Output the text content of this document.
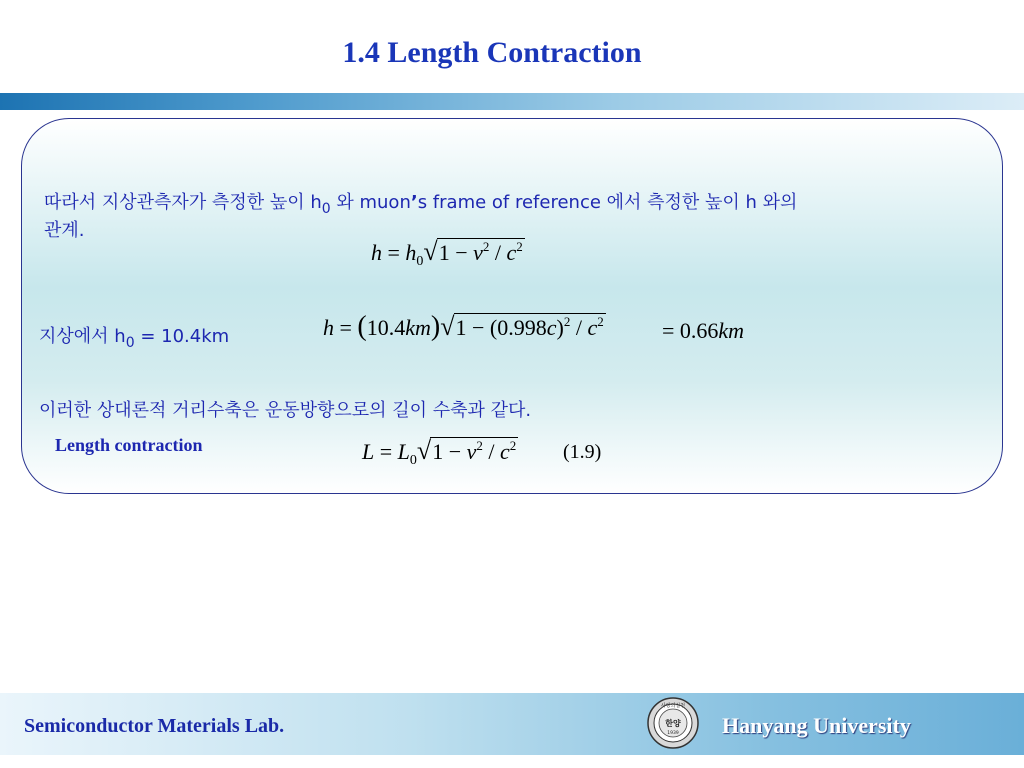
1.4 Length Contraction
따라서 지상관측자가 측정한 높이 $h_0$ 와 muon’s frame of reference 에서 측정한 높이 h 와의
관계.
$h = h_0√1 - v^2 / c^2$
지상에서 $h_0 = 10.4km$	$h = (10.4km)√1 - (0.998c)^2 / c^2$	= 0.66km
이러한 상대론적 거리수축은 운동방향으로의 길이 수축과 같다.
Length contraction	$L = L_0√1 - v^2 / c^2$ (1.9)
Semiconductor Materials Lab.
사랑의실천
한양
1939 Hanyang University
